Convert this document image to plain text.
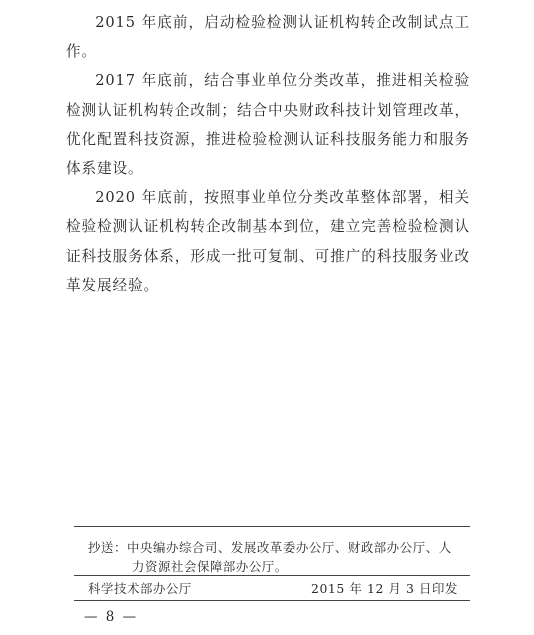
2015 年底前，启动检验检测认证机构转企改制试点工作。

2017 年底前，结合事业单位分类改革，推进相关检验检测认证机构转企改制；结合中央财政科技计划管理改革，优化配置科技资源，推进检验检测认证科技服务能力和服务体系建设。

2020 年底前，按照事业单位分类改革整体部署，相关检验检测认证机构转企改制基本到位，建立完善检验检测认证科技服务体系，形成一批可复制、可推广的科技服务业改革发展经验。

抄送：中央编办综合司、发展改革委办公厅、财政部办公厅、人
力资源社会保障部办公厅。
科学技术部办公厅	2015 年 12 月 3 日印发
— 8 —
